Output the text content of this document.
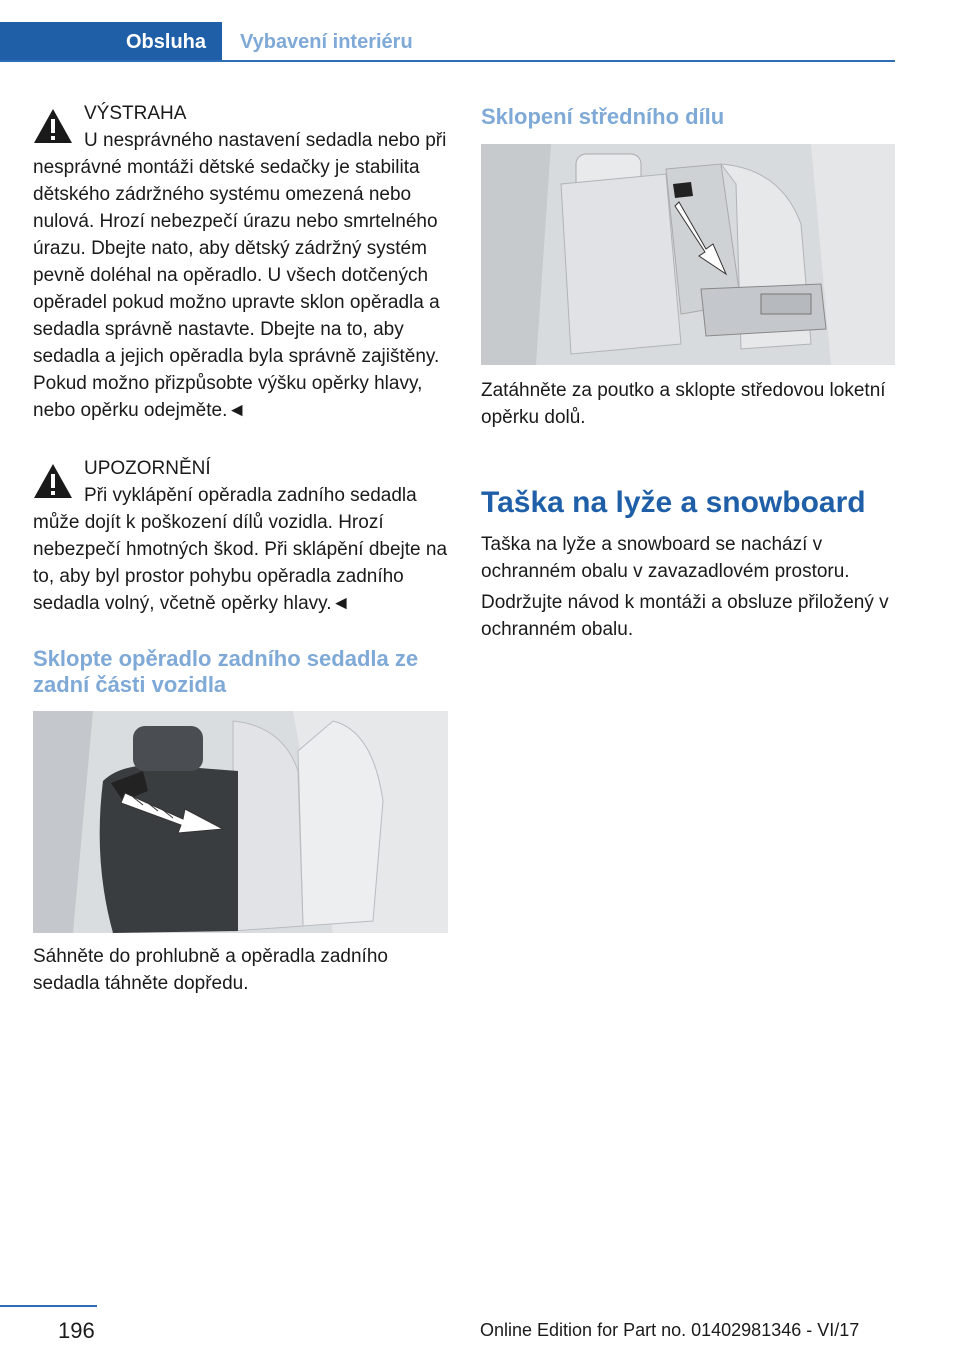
Obsluha	Vybavení interiéru
VÝSTRAHA

U nesprávného nastavení sedadla nebo při nesprávné montáži dětské sedačky je stabilita dětského zádržného systému omezená nebo nulová. Hrozí nebezpečí úrazu nebo smrtelného úrazu. Dbejte nato, aby dětský zádržný systém pevně doléhal na opěradlo. U všech dotčených opěradel pokud možno upravte sklon opěradla a sedadla správně nastavte. Dbejte na to, aby sedadla a jejich opěradla byla správně zajištěny. Pokud možno přizpůsobte výšku opěrky hlavy, nebo opěrku odejměte.◄

UPOZORNĚNÍ

Při vyklápění opěradla zadního sedadla může dojít k poškození dílů vozidla. Hrozí nebezpečí hmotných škod. Při sklápění dbejte na to, aby byl prostor pohybu opěradla zadního sedadla volný, včetně opěrky hlavy.◄

Sklopte opěradlo zadního sedadla ze zadní části vozidla

Sáhněte do prohlubně a opěradla zadního sedadla táhněte dopředu.

Sklopení středního dílu

Zatáhněte za poutko a sklopte středovou loketní opěrku dolů.

Taška na lyže a snowboard

Taška na lyže a snowboard se nachází v ochranném obalu v zavazadlovém prostoru.

Dodržujte návod k montáži a obsluze přiložený v ochranném obalu.

196	Online Edition for Part no. 01402981346 - VI/17
